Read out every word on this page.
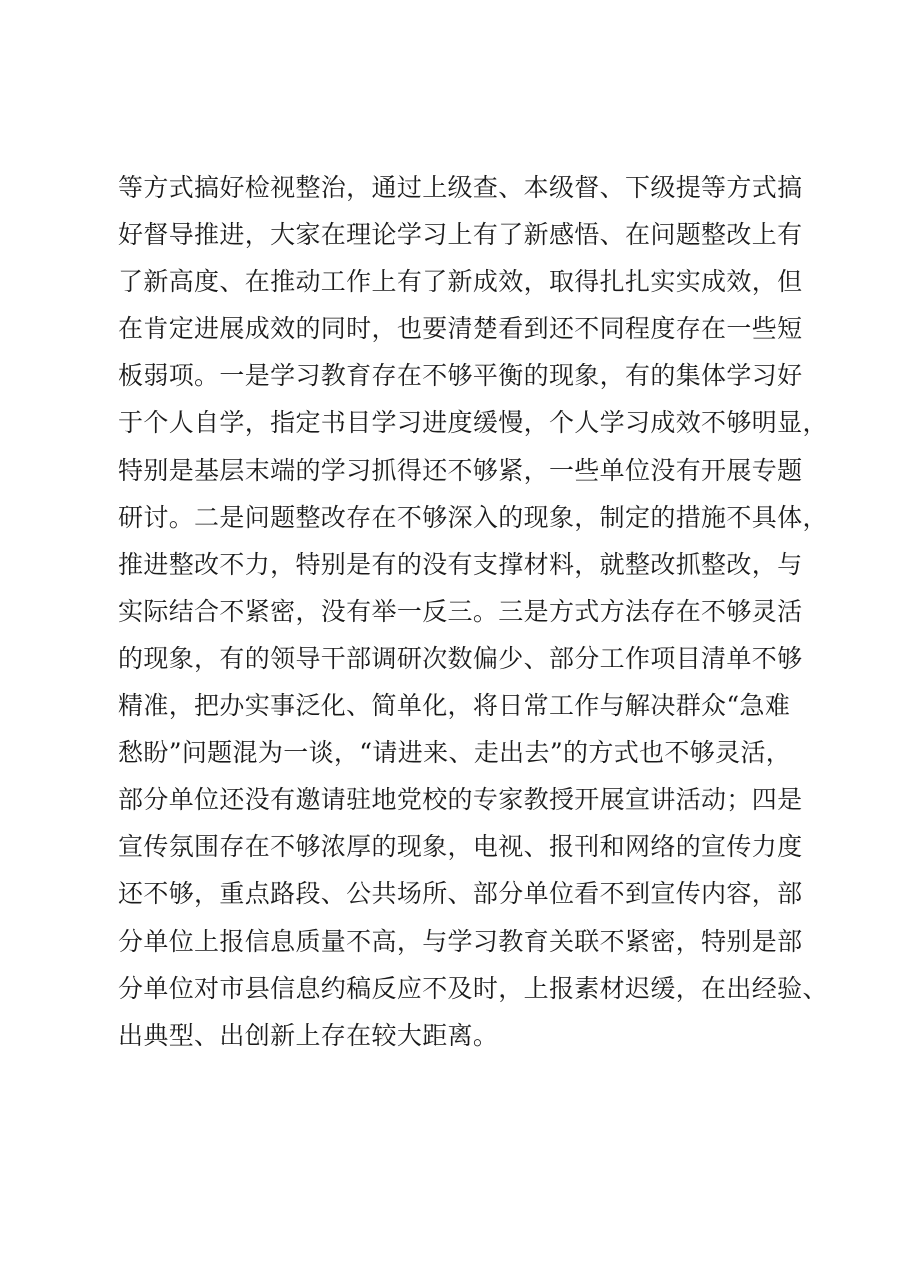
等方式搞好检视整治，通过上级查、本级督、下级提等方式搞
好督导推进，大家在理论学习上有了新感悟、在问题整改上有
了新高度、在推动工作上有了新成效，取得扎扎实实成效，但
在肯定进展成效的同时，也要清楚看到还不同程度存在一些短
板弱项。一是学习教育存在不够平衡的现象，有的集体学习好
于个人自学，指定书目学习进度缓慢，个人学习成效不够明显，
特别是基层末端的学习抓得还不够紧，一些单位没有开展专题
研讨。二是问题整改存在不够深入的现象，制定的措施不具体，
推进整改不力，特别是有的没有支撑材料，就整改抓整改，与
实际结合不紧密，没有举一反三。三是方式方法存在不够灵活
的现象，有的领导干部调研次数偏少、部分工作项目清单不够
精准，把办实事泛化、简单化，将日常工作与解决群众“急难
愁盼”问题混为一谈，“请进来、走出去”的方式也不够灵活，
部分单位还没有邀请驻地党校的专家教授开展宣讲活动；四是
宣传氛围存在不够浓厚的现象，电视、报刊和网络的宣传力度
还不够，重点路段、公共场所、部分单位看不到宣传内容，部
分单位上报信息质量不高，与学习教育关联不紧密，特别是部
分单位对市县信息约稿反应不及时，上报素材迟缓，在出经验、
出典型、出创新上存在较大距离。
